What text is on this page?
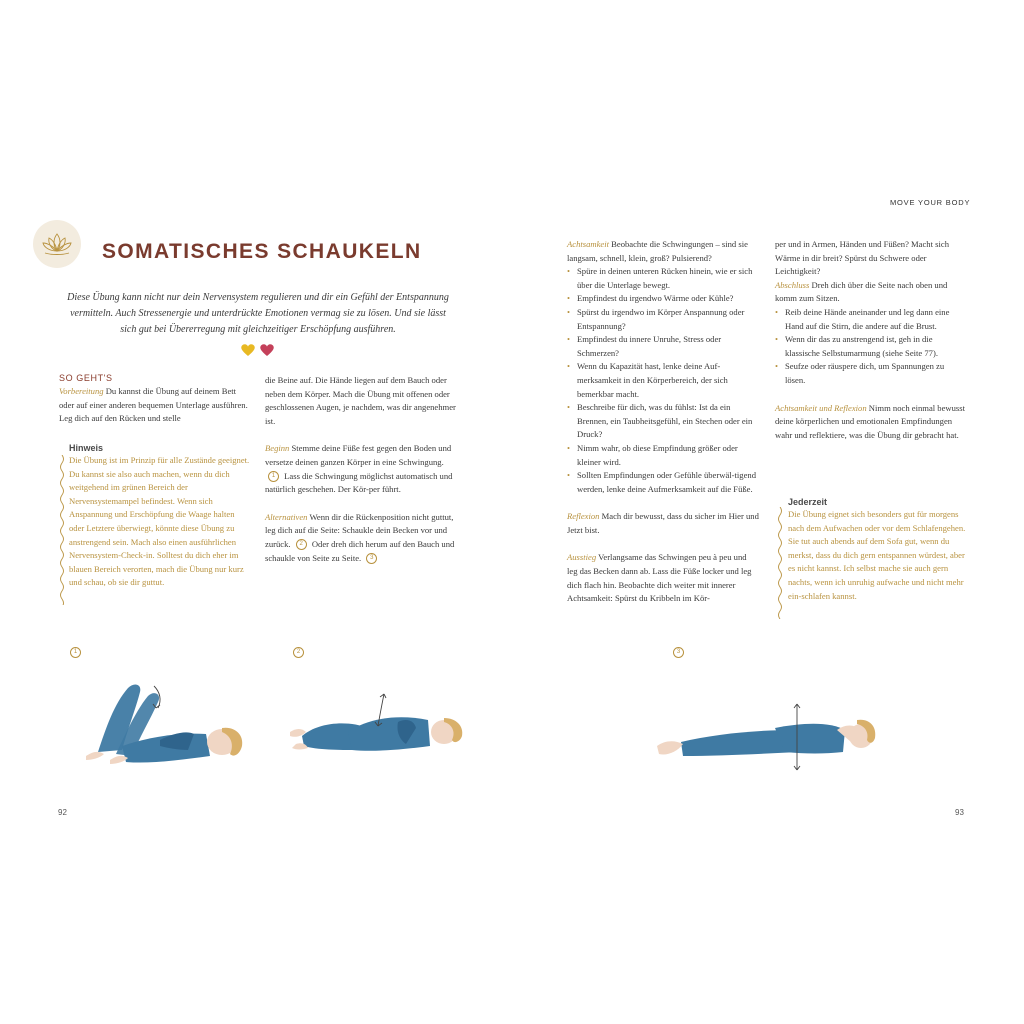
MOVE YOUR BODY
SOMATISCHES SCHAUKELN

Diese Übung kann nicht nur dein Nervensystem regulieren und dir ein Gefühl der Entspannung vermitteln. Auch Stressenergie und unterdrückte Emotionen vermag sie zu lösen. Und sie lässt sich gut bei Übererregung mit gleichzeitiger Erschöpfung ausführen.

SO GEHT'S

Vorbereitung Du kannst die Übung auf deinem Bett oder auf einer anderen bequemen Unterlage ausführen. Leg dich auf den Rücken und stelle

Hinweis

Die Übung ist im Prinzip für alle Zustände geeignet. Du kannst sie also auch machen, wenn du dich weitgehend im grünen Bereich der Nervensystemampel befindest. Wenn sich Anspannung und Erschöpfung die Waage halten oder Letztere überwiegt, könnte diese Übung zu anstrengend sein. Mach also einen ausführlichen Nervensystem-Check-in. Solltest du dich eher im blauen Bereich verorten, mach die Übung nur kurz und schau, ob sie dir guttut.

die Beine auf. Die Hände liegen auf dem Bauch oder neben dem Körper. Mach die Übung mit offenen oder geschlossenen Augen, je nachdem, was dir angenehmer ist.

Beginn Stemme deine Füße fest gegen den Boden und versetze deinen ganzen Körper in eine Schwingung. 1 Lass die Schwingung möglichst automatisch und natürlich geschehen. Der Kör-per führt.

Alternativen Wenn dir die Rückenposition nicht guttut, leg dich auf die Seite: Schaukle dein Becken vor und zurück. 2 Oder dreh dich herum auf den Bauch und schaukle von Seite zu Seite. 3

Achtsamkeit Beobachte die Schwingungen – sind sie langsam, schnell, klein, groß? Pulsierend?

• Spüre in deinen unteren Rücken hinein, wie er sich über die Unterlage bewegt.
• Empfindest du irgendwo Wärme oder Kühle?
• Spürst du irgendwo im Körper Anspannung oder Entspannung?
• Empfindest du innere Unruhe, Stress oder Schmerzen?
• Wenn du Kapazität hast, lenke deine Auf-merksamkeit in den Körperbereich, der sich bemerkbar macht.
• Beschreibe für dich, was du fühlst: Ist da ein Brennen, ein Taubheitsgefühl, ein Stechen oder ein Druck?
• Nimm wahr, ob diese Empfindung größer oder kleiner wird.
• Sollten Empfindungen oder Gefühle überwäl-tigend werden, lenke deine Aufmerksamkeit auf die Füße.

Reflexion Mach dir bewusst, dass du sicher im Hier und Jetzt bist.

Ausstieg Verlangsame das Schwingen peu à peu und leg das Becken dann ab. Lass die Füße locker und leg dich flach hin. Beobachte dich weiter mit innerer Achtsamkeit: Spürst du Kribbeln im Kör-

per und in Armen, Händen und Füßen? Macht sich Wärme in dir breit? Spürst du Schwere oder Leichtigkeit?

Abschluss Dreh dich über die Seite nach oben und komm zum Sitzen.

• Reib deine Hände aneinander und leg dann eine Hand auf die Stirn, die andere auf die Brust.
• Wenn dir das zu anstrengend ist, geh in die klassische Selbstumarmung (siehe Seite 77).
• Seufze oder räuspere dich, um Spannungen zu lösen.

Achtsamkeit und Reflexion Nimm noch einmal bewusst deine körperlichen und emotionalen Empfindungen wahr und reflektiere, was die Übung dir gebracht hat.

Jederzeit

Die Übung eignet sich besonders gut für morgens nach dem Aufwachen oder vor dem Schlafengehen. Sie tut auch abends auf dem Sofa gut, wenn du merkst, dass du dich gern entspannen würdest, aber es nicht kannst. Ich selbst mache sie auch gern nachts, wenn ich unruhig aufwache und nicht mehr ein-schlafen kannst.

1	2	3
92	93
